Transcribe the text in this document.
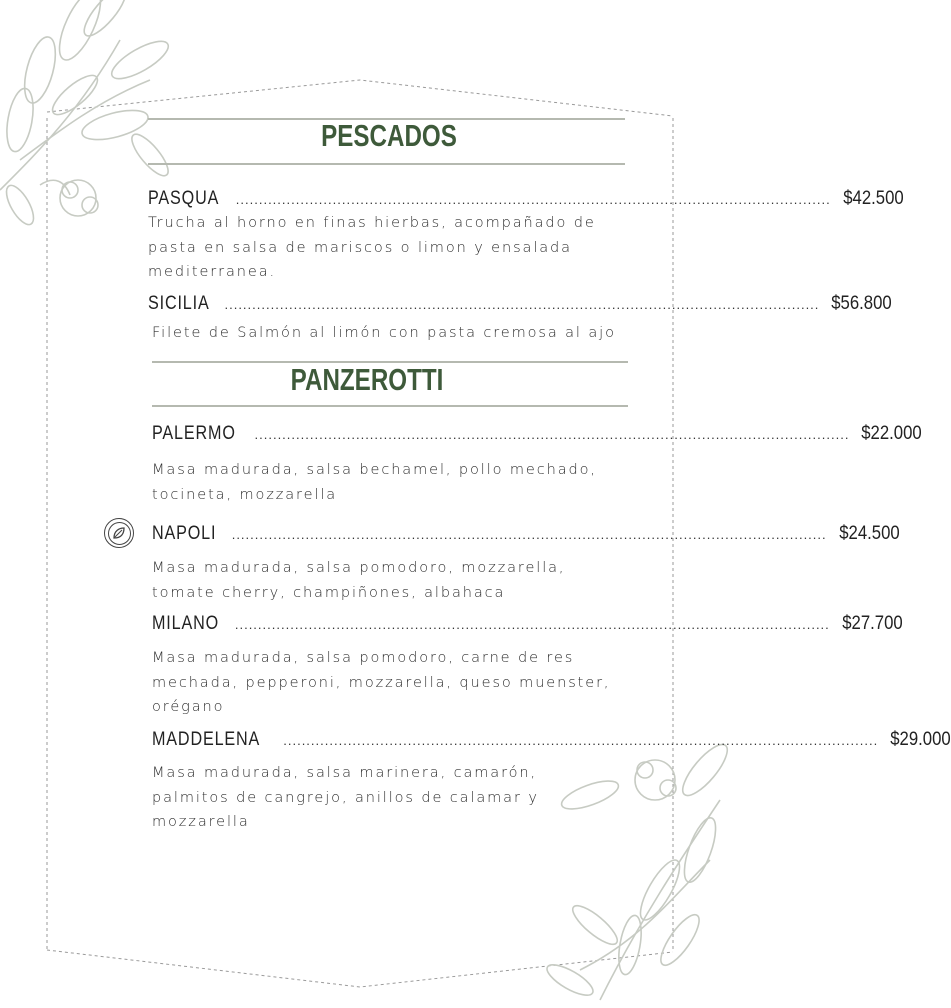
PESCADOS
PASQUA ................................................................................................................................. $42.500
Trucha al horno en finas hierbas, acompañado de pasta en salsa de mariscos o limon y ensalada mediterranea.
SICILIA ................................................................................................................................. $56.800
Filete de Salmón al limón con pasta cremosa al ajo
PANZEROTTI
PALERMO ................................................................................................................................. $22.000
Masa madurada, salsa bechamel, pollo mechado, tocineta, mozzarella
NAPOLI ................................................................................................................................. $24.500
Masa madurada, salsa pomodoro, mozzarella, tomate cherry, champiñones, albahaca
MILANO ................................................................................................................................. $27.700
Masa madurada, salsa pomodoro, carne de res mechada, pepperoni, mozzarella, queso muenster, orégano
MADDELENA ................................................................................................................................. $29.000
Masa madurada, salsa marinera, camarón, palmitos de cangrejo, anillos de calamar y mozzarella
